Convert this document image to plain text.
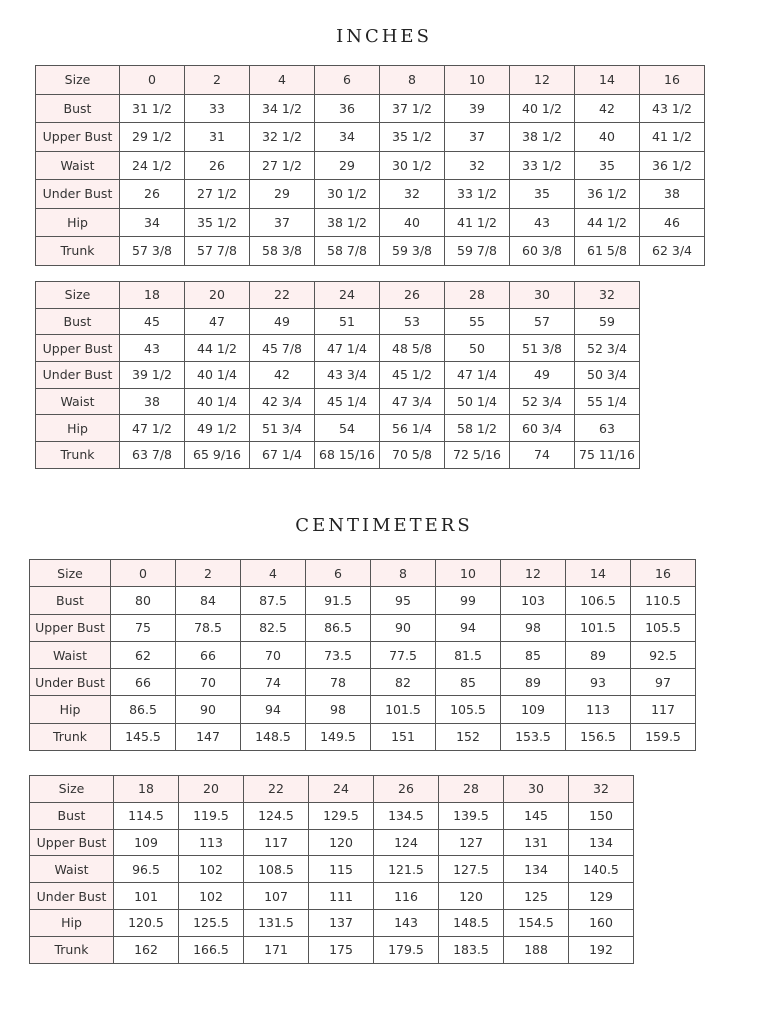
INCHES
Size	0	2	4	6	8	10	12	14	16
Bust	31 1/2	33	34 1/2	36	37 1/2	39	40 1/2	42	43 1/2
Upper Bust	29 1/2	31	32 1/2	34	35 1/2	37	38 1/2	40	41 1/2
Waist	24 1/2	26	27 1/2	29	30 1/2	32	33 1/2	35	36 1/2
Under Bust	26	27 1/2	29	30 1/2	32	33 1/2	35	36 1/2	38
Hip	34	35 1/2	37	38 1/2	40	41 1/2	43	44 1/2	46
Trunk	57 3/8	57 7/8	58 3/8	58 7/8	59 3/8	59 7/8	60 3/8	61 5/8	62 3/4
Size	18	20	22	24	26	28	30	32
Bust	45	47	49	51	53	55	57	59
Upper Bust	43	44 1/2	45 7/8	47 1/4	48 5/8	50	51 3/8	52 3/4
Under Bust	39 1/2	40 1/4	42	43 3/4	45 1/2	47 1/4	49	50 3/4
Waist	38	40 1/4	42 3/4	45 1/4	47 3/4	50 1/4	52 3/4	55 1/4
Hip	47 1/2	49 1/2	51 3/4	54	56 1/4	58 1/2	60 3/4	63
Trunk	63 7/8	65 9/16	67 1/4	68 15/16	70 5/8	72 5/16	74	75 11/16
CENTIMETERS
Size	0	2	4	6	8	10	12	14	16
Bust	80	84	87.5	91.5	95	99	103	106.5	110.5
Upper Bust	75	78.5	82.5	86.5	90	94	98	101.5	105.5
Waist	62	66	70	73.5	77.5	81.5	85	89	92.5
Under Bust	66	70	74	78	82	85	89	93	97
Hip	86.5	90	94	98	101.5	105.5	109	113	117
Trunk	145.5	147	148.5	149.5	151	152	153.5	156.5	159.5
Size	18	20	22	24	26	28	30	32
Bust	114.5	119.5	124.5	129.5	134.5	139.5	145	150
Upper Bust	109	113	117	120	124	127	131	134
Waist	96.5	102	108.5	115	121.5	127.5	134	140.5
Under Bust	101	102	107	111	116	120	125	129
Hip	120.5	125.5	131.5	137	143	148.5	154.5	160
Trunk	162	166.5	171	175	179.5	183.5	188	192
